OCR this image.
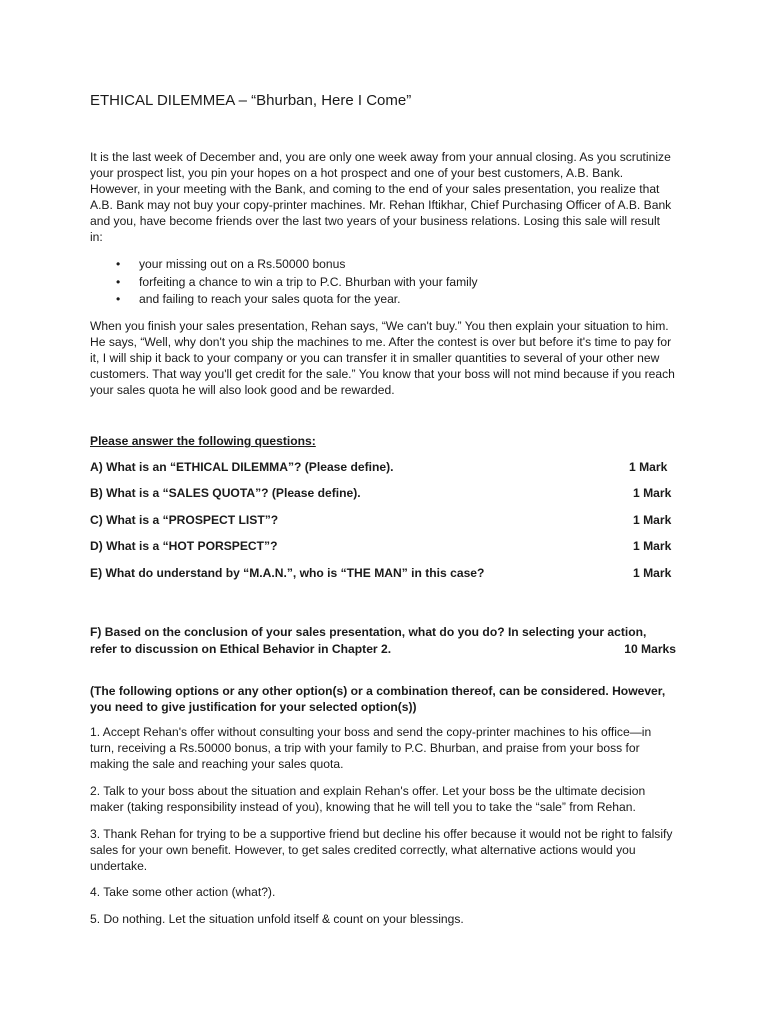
ETHICAL DILEMMEA – “Bhurban, Here I Come”

It is the last week of December and, you are only one week away from your annual closing. As you scrutinize your prospect list, you pin your hopes on a hot prospect and one of your best customers, A.B. Bank. However, in your meeting with the Bank, and coming to the end of your sales presentation, you realize that A.B. Bank may not buy your copy-printer machines. Mr. Rehan Iftikhar, Chief Purchasing Officer of A.B. Bank and you, have become friends over the last two years of your business relations. Losing this sale will result in:

• your missing out on a Rs.50000 bonus
• forfeiting a chance to win a trip to P.C. Bhurban with your family
• and failing to reach your sales quota for the year.

When you finish your sales presentation, Rehan says, “We can't buy.” You then explain your situation to him. He says, “Well, why don't you ship the machines to me. After the contest is over but before it's time to pay for it, I will ship it back to your company or you can transfer it in smaller quantities to several of your other new customers. That way you'll get credit for the sale.” You know that your boss will not mind because if you reach your sales quota he will also look good and be rewarded.

Please answer the following questions:
A) What is an “ETHICAL DILEMMA”? (Please define).	1 Mark
B) What is a “SALES QUOTA”? (Please define).	1 Mark
C) What is a “PROSPECT LIST”?	1 Mark
D) What is a “HOT PORSPECT”?	1 Mark
E) What do understand by “M.A.N.”, who is “THE MAN” in this case?	1 Mark
F) Based on the conclusion of your sales presentation, what do you do? In selecting your action, refer to discussion on Ethical Behavior in Chapter 2.	10 Marks
(The following options or any other option(s) or a combination thereof, can be considered. However, you need to give justification for your selected option(s))

1. Accept Rehan's offer without consulting your boss and send the copy-printer machines to his office—in turn, receiving a Rs.50000 bonus, a trip with your family to P.C. Bhurban, and praise from your boss for making the sale and reaching your sales quota.

2. Talk to your boss about the situation and explain Rehan's offer. Let your boss be the ultimate decision maker (taking responsibility instead of you), knowing that he will tell you to take the “sale” from Rehan.

3. Thank Rehan for trying to be a supportive friend but decline his offer because it would not be right to falsify sales for your own benefit. However, to get sales credited correctly, what alternative actions would you undertake.

4. Take some other action (what?).

5. Do nothing. Let the situation unfold itself & count on your blessings.
